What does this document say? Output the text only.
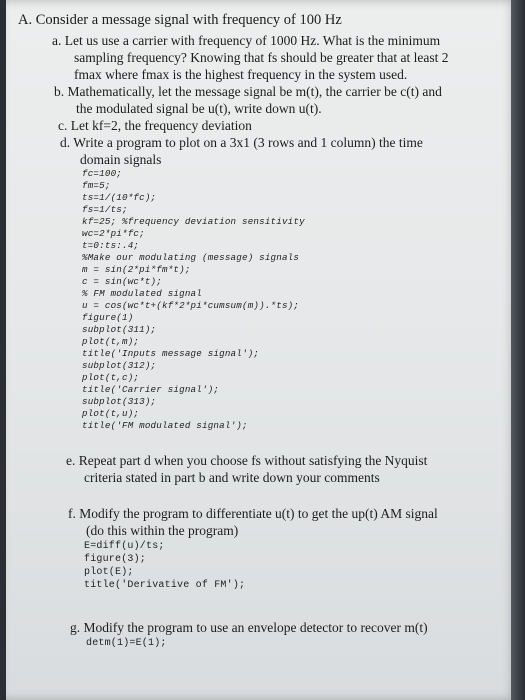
A. Consider a message signal with frequency of 100 Hz
a. Let us use a carrier with frequency of 1000 Hz. What is the minimum
sampling frequency? Knowing that fs should be greater that at least 2
fmax where fmax is the highest frequency in the system used.
b. Mathematically, let the message signal be m(t), the carrier be c(t) and
the modulated signal be u(t), write down u(t).
c. Let kf=2, the frequency deviation
d. Write a program to plot on a 3x1 (3 rows and 1 column) the time
domain signals
fc=100;
fm=5;
ts=1/(10*fc);
fs=1/ts;
kf=25; %frequency deviation sensitivity
wc=2*pi*fc;
t=0:ts:.4;
%Make our modulating (message) signals
m = sin(2*pi*fm*t);
c = sin(wc*t);
% FM modulated signal
u = cos(wc*t+(kf*2*pi*cumsum(m)).*ts);
figure(1)
subplot(311);
plot(t,m);
title('Inputs message signal');
subplot(312);
plot(t,c);
title('Carrier signal');
subplot(313);
plot(t,u);
title('FM modulated signal');
e. Repeat part d when you choose fs without satisfying the Nyquist
criteria stated in part b and write down your comments
f. Modify the program to differentiate u(t) to get the up(t) AM signal
(do this within the program)
E=diff(u)/ts;
figure(3);
plot(E);
title('Derivative of FM');
g. Modify the program to use an envelope detector to recover m(t)
detm(1)=E(1);
